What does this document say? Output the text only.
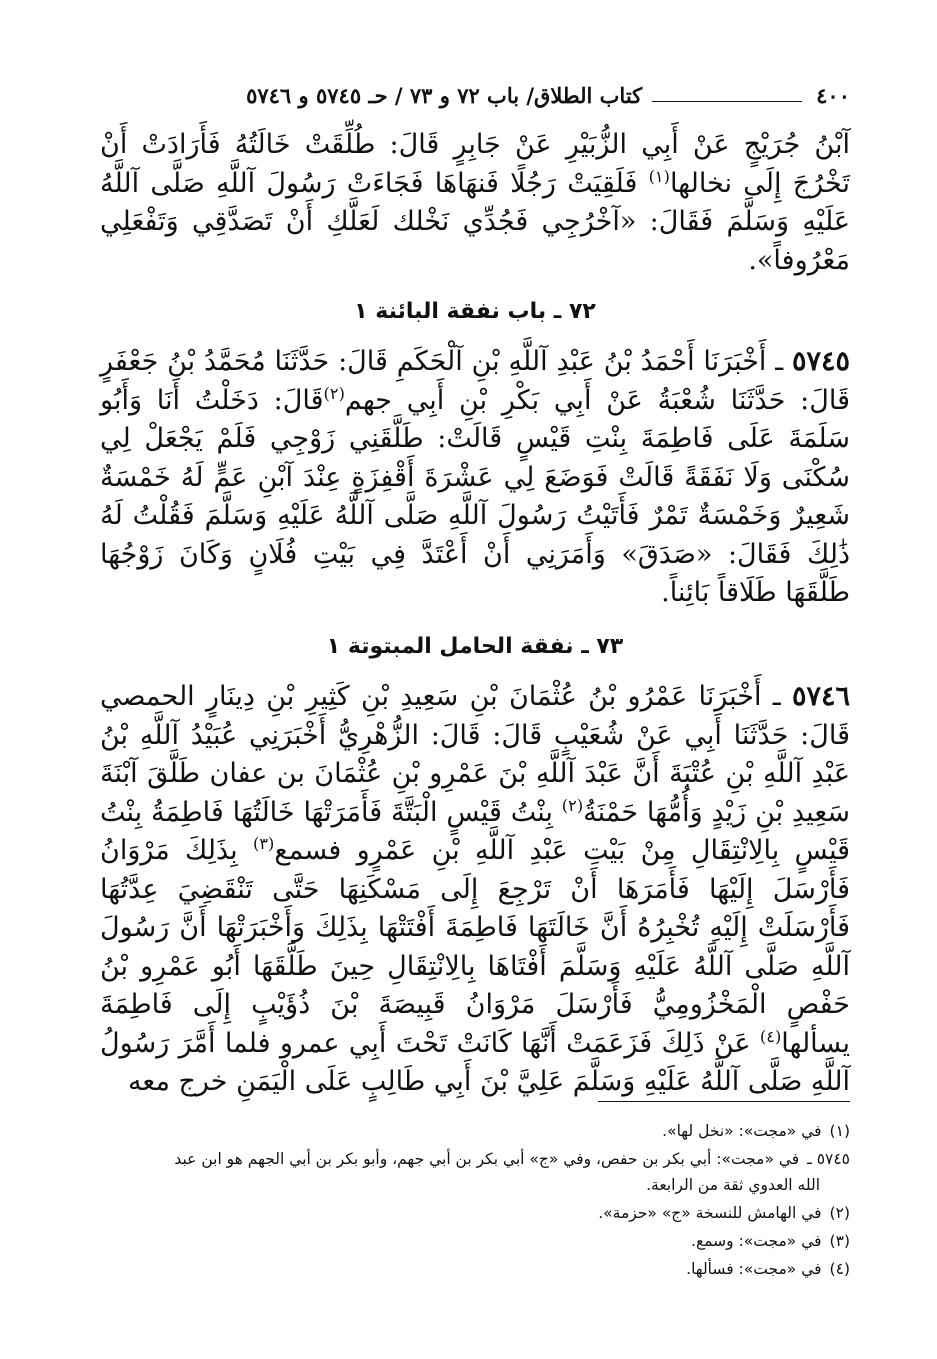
٤٠٠
كتاب الطلاق/ باب ٧٢ و ٧٣ / حـ ٥٧٤٥ و ٥٧٤٦

آبْنُ جُرَيْجٍ عَنْ أَبِي الزُّبَيْرِ عَنْ جَابِرٍ قَالَ: طُلِّقَتْ خَالَتُهُ فَأَرَادَتْ أَنْ تَخْرُجَ إِلَى نخالها$^{(١)}$ فَلَقِيَتْ رَجُلًا فَنهَاهَا فَجَاءَتْ رَسُولَ آللَّهِ صَلَّى آللَّهُ عَلَيْهِ وَسَلَّمَ فَقَالَ: «آخْرُجِي فَجُدِّي نَخْلك لَعَلَّكِ أَنْ تَصَدَّقِي وَتَفْعَلِي مَعْرُوفاً».

٧٢ ـ باب نفقة البائنة ١

٥٧٤٥ ـ أَخْبَرَنَا أَحْمَدُ بْنُ عَبْدِ آللَّهِ بْنِ آلْحَكَمِ قَالَ: حَدَّثَنَا مُحَمَّدُ بْنُ جَعْفَرٍ قَالَ: حَدَّثَنَا شُعْبَةُ عَنْ أَبِي بَكْرِ بْنِ أَبِي جهم$^{(٢)}$قَالَ: دَخَلْتُ أَنَا وَأَبُو سَلَمَةَ عَلَى فَاطِمَةَ بِنْتِ قَيْسٍ قَالَتْ: طَلَّقَنِي زَوْجِي فَلَمْ يَجْعَلْ لِي سُكْنَى وَلَا نَفَقَةً قَالَتْ فَوَضَعَ لِي عَشْرَةَ أَقْفِزَةٍ عِنْدَ آبْنِ عَمٍّ لَهُ خَمْسَةٌ شَعِيرٌ وَخَمْسَةٌ تَمْرٌ فَأَتَيْتُ رَسُولَ آللَّهِ صَلَّى آللَّهُ عَلَيْهِ وَسَلَّمَ فَقُلْتُ لَهُ ذَٰلِكَ فَقَالَ: «صَدَقَ» وَأَمَرَنِي أَنْ أَعْتَدَّ فِي بَيْتِ فُلَانٍ وَكَانَ زَوْجُهَا طَلَّقَهَا طَلَاقاً بَائِناً.

٧٣ ـ نفقة الحامل المبتوتة ١

٥٧٤٦ ـ أَخْبَرَنَا عَمْرُو بْنُ عُثْمَانَ بْنِ سَعِيدِ بْنِ كَثِيرِ بْنِ دِينَارٍ الحمصي قَالَ: حَدَّثَنَا أَبِي عَنْ شُعَيْبٍ قَالَ: قَالَ: الزُّهْرِيُّ أَخْبَرَنِي عُبَيْدُ آللَّهِ بْنُ عَبْدِ آللَّهِ بْنِ عُتْبَةَ أَنَّ عَبْدَ آللَّهِ بْنَ عَمْرِو بْنِ عُثْمَانَ بن عفان طَلَّقَ آبْنَةَ سَعِيدِ بْنِ زَيْدٍ وَأُمُّهَا حَمْنَةُ$^{(٢)}$ بِنْتُ قَيْسٍ الْبَتَّةَ فَأَمَرَتْهَا خَالَتُهَا فَاطِمَةُ بِنْتُ قَيْسٍ بِالِانْتِقَالِ مِنْ بَيْتِ عَبْدِ آللَّهِ بْنِ عَمْرٍو فسمع$^{(٣)}$ بِذَلِكَ مَرْوَانُ فَأَرْسَلَ إِلَيْهَا فَأَمَرَهَا أَنْ تَرْجِعَ إِلَى مَسْكَنِهَا حَتَّى تَنْقَضِيَ عِدَّتُهَا فَأَرْسَلَتْ إِلَيْهِ تُخْبِرُهُ أَنَّ خَالَتَهَا فَاطِمَةَ أَفْتَتْهَا بِذَلِكَ وَأَخْبَرَتْهَا أَنَّ رَسُولَ آللَّهِ صَلَّى آللَّهُ عَلَيْهِ وَسَلَّمَ أَفْتَاهَا بِالِانْتِقَالِ حِينَ طَلَّقَهَا أَبُو عَمْرِو بْنُ حَفْصٍ الْمَخْزُومِيُّ فَأَرْسَلَ مَرْوَانُ قَبِيصَةَ بْنَ ذُؤَيْبٍ إِلَى فَاطِمَةَ يسألها$^{(٤)}$ عَنْ ذَلِكَ فَزَعَمَتْ أَنَّهَا كَانَتْ تَحْتَ أَبِي عمرو فلما أَمَّرَ رَسُولُ آللَّهِ صَلَّى آللَّهُ عَلَيْهِ وَسَلَّمَ عَلِيَّ بْنَ أَبِي طَالِبٍ عَلَى الْيَمَنِ خرج معه

(١)في «مجت»: «نخل لها».
٥٧٤٥ ـفي «مجت»: أبي بكر بن حفص، وفي «ج» أبي بكر بن أبي جهم، وأبو بكر بن أبي الجهم هو ابن عبد
الله العدوي ثقة من الرابعة.
(٢)في الهامش للنسخة «ج» «حزمة».
(٣)في «مجت»: وسمع.
(٤)في «مجت»: فسألها.
